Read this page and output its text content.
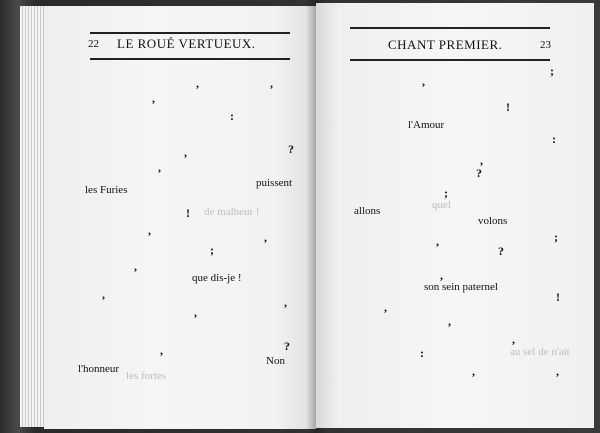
22 LE ROUÉ VERTUEUX.
de malheur !
les fortes
,	,
,
:
?
,
,
les Furies
puissent
!
,	,
;
,
que dis-je !
,
,
,
?
,
Non
l'honneur
CHANT PREMIER.	23
quel
au sel de n'ait
;
,
!
l'Amour
:
,
?
;
allons
volons
;
,
?
,
son sein paternel
!
,
,
,
:
,	,
